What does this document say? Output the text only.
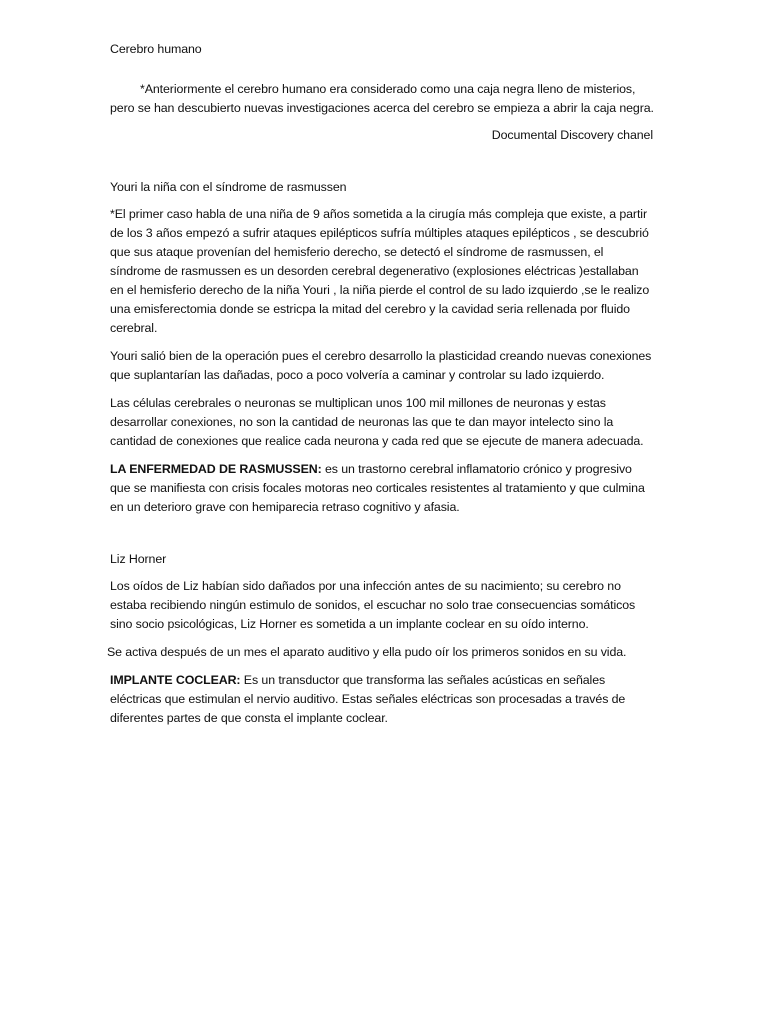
Cerebro humano

*Anteriormente el cerebro humano era considerado como una caja negra lleno de misterios, pero se han descubierto nuevas investigaciones acerca del cerebro se empieza a abrir la caja negra.

Documental Discovery chanel

Youri la niña con el síndrome de rasmussen

*El primer caso habla de una niña de 9 años sometida a la cirugía más compleja que existe, a partir de los 3 años empezó a sufrir ataques epilépticos sufría múltiples ataques epilépticos , se descubrió que sus ataque provenían del hemisferio derecho, se detectó el síndrome de rasmussen, el síndrome de rasmussen es un desorden cerebral degenerativo (explosiones eléctricas )estallaban en el hemisferio derecho de la niña Youri , la niña pierde el control de su lado izquierdo ,se le realizo una emisferectomia donde se estricpa la mitad del cerebro y la cavidad seria rellenada por fluido cerebral.

Youri salió bien de la operación pues el cerebro desarrollo la plasticidad creando nuevas conexiones que suplantarían las dañadas, poco a poco volvería a caminar y controlar su lado izquierdo.

Las células cerebrales o neuronas se multiplican unos 100 mil millones de neuronas y estas desarrollar conexiones, no son la cantidad de neuronas las que te dan mayor intelecto sino la cantidad de conexiones que realice cada neurona y cada red que se ejecute de manera adecuada.

LA ENFERMEDAD DE RASMUSSEN: es un trastorno cerebral inflamatorio crónico y progresivo que se manifiesta con crisis focales motoras neo corticales resistentes al tratamiento y que culmina en un deterioro grave con hemiparecia retraso cognitivo y afasia.

Liz Horner

Los oídos de Liz habían sido dañados por una infección antes de su nacimiento; su cerebro no estaba recibiendo ningún estimulo de sonidos, el escuchar no solo trae consecuencias somáticos sino socio psicológicas, Liz Horner es sometida a un implante coclear en su oído interno.

Se activa después de un mes el aparato auditivo y ella pudo oír los primeros sonidos en su vida.

IMPLANTE COCLEAR: Es un transductor que transforma las señales acústicas en señales eléctricas que estimulan el nervio auditivo. Estas señales eléctricas son procesadas a través de diferentes partes de que consta el implante coclear.
